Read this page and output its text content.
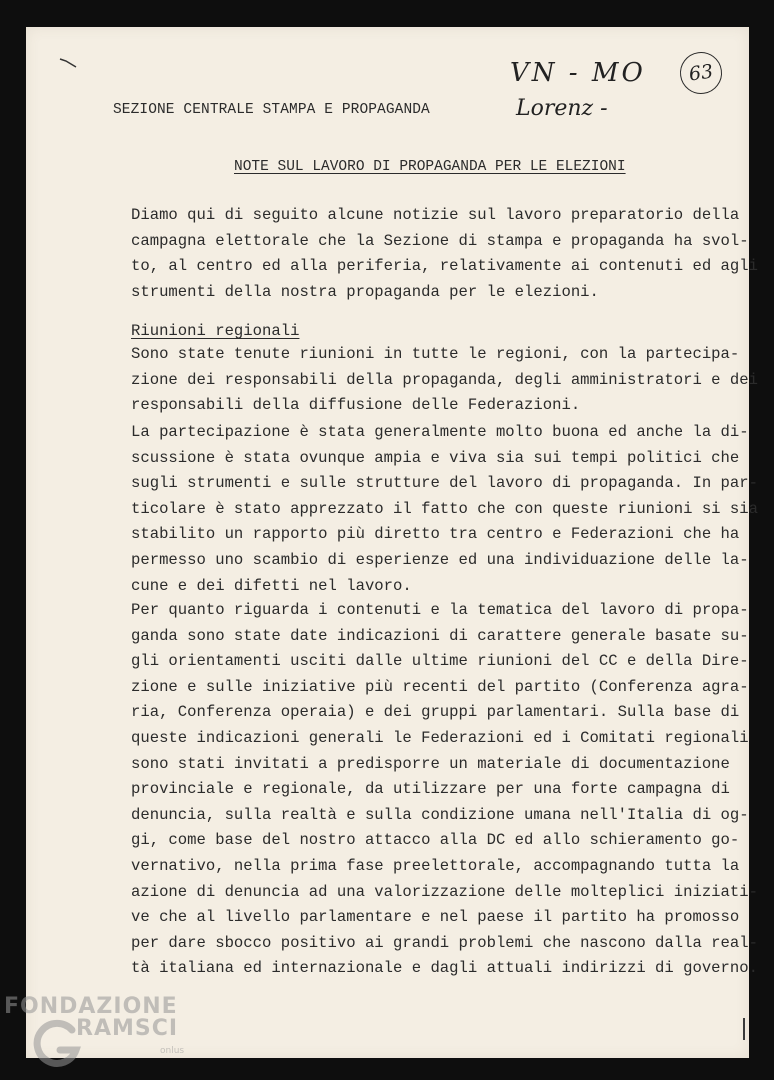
SEZIONE CENTRALE STAMPA E PROPAGANDA
VN - MO
Lorenz -
63
NOTE SUL LAVORO DI PROPAGANDA PER LE ELEZIONI
Diamo qui di seguito alcune notizie sul lavoro preparatorio della
campagna elettorale che la Sezione di stampa e propaganda ha svol-
to, al centro ed alla periferia, relativamente ai contenuti ed agli
strumenti della nostra propaganda per le elezioni.
Riunioni regionali
Sono state tenute riunioni in tutte le regioni, con la partecipa-
zione dei responsabili della propaganda, degli amministratori e dei
responsabili della diffusione delle Federazioni.
La partecipazione è stata generalmente molto buona ed anche la di-
scussione è stata ovunque ampia e viva sia sui tempi politici che
sugli strumenti e sulle strutture del lavoro di propaganda. In par-
ticolare è stato apprezzato il fatto che con queste riunioni si sia
stabilito un rapporto più diretto tra centro e Federazioni che ha
permesso uno scambio di esperienze ed una individuazione delle la-
cune e dei difetti nel lavoro.
Per quanto riguarda i contenuti e la tematica del lavoro di propa-
ganda sono state date indicazioni di carattere generale basate su-
gli orientamenti usciti dalle ultime riunioni del CC e della Dire-
zione e sulle iniziative più recenti del partito (Conferenza agra-
ria, Conferenza operaia) e dei gruppi parlamentari. Sulla base di
queste indicazioni generali le Federazioni ed i Comitati regionali
sono stati invitati a predisporre un materiale di documentazione
provinciale e regionale, da utilizzare per una forte campagna di
denuncia, sulla realtà e sulla condizione umana nell'Italia di og-
gi, come base del nostro attacco alla DC ed allo schieramento go-
vernativo, nella prima fase preelettorale, accompagnando tutta la
azione di denuncia ad una valorizzazione delle molteplici iniziati-
ve che al livello parlamentare e nel paese il partito ha promosso
per dare sbocco positivo ai grandi problemi che nascono dalla real-
tà italiana ed internazionale e dagli attuali indirizzi di governo.
FONDAZIONE
RAMSCI
onlus
